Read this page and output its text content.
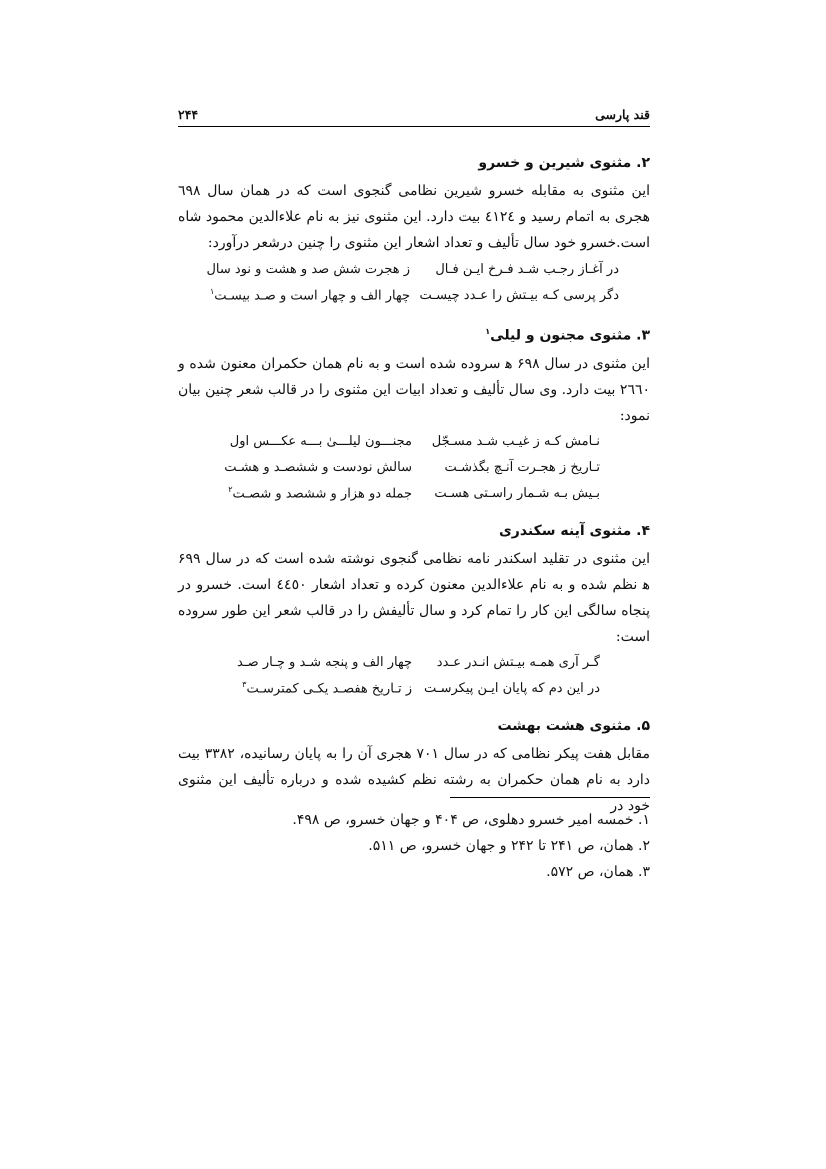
قند پارسی
۲۴۴
۲. مثنوی شیرین و خسرو

این مثنوی به مقابله خسرو شیرین نظامی گنجوی است که در همان سال ٦٩٨ هجری به اتمام رسید و ٤١٢٤ بیت دارد. این مثنوی نیز به نام علاءالدین محمود شاه است.خسرو خود سال تألیف و تعداد اشعار این مثنوی را چنین درشعر درآورد:

در آغـاز رجـب شـد فـرخ ایـن فـال
ز هجرت شش صد و هشت و نود سال
دگر پرسی کـه بیـتش را عـدد چیسـت
چهار الف و چهار است و صـد بیسـت$^۱$
۳. مثنوی مجنون و لیلی$^۱$

این مثنوی در سال ۶۹۸ ﻫ سروده شده است و به نام همان حکمران معنون شده و ٢٦٦٠ بیت دارد. وی سال تألیف و تعداد ابیات این مثنوی را در قالب شعر چنین بیان نمود:

نـامش کـه ز غیـب شـد مسـجّل
مجنـــون لیلـــیٰ بـــه عکـــس اول
تـاریخ ز هجـرت آنـچ بگذشـت
سالش نودست و ششصـد و هشـت
بـیش بـه شـمار راسـتی هسـت
جمله دو هزار و ششصد و شصـت$^۲$
۴. مثنوی آینه سکندری

این مثنوی در تقلید اسکندر نامه نظامی گنجوی نوشته شده است که در سال ۶۹۹ ﻫ نظم شده و به نام علاءالدین معنون کرده و تعداد اشعار ٤٤٥٠ است. خسرو در پنجاه سالگی این کار را تمام کرد و سال تألیفش را در قالب شعر این طور سروده است:

گـر آری همـه بیـتش انـدر عـدد
چهار الف و پنجه شـد و چـار صـد
در این دم که پایان ایـن پیکرسـت
ز تـاریخ هفصـد یکـی کمترسـت$^۳$
۵. مثنوی هشت بهشت

مقابل هفت پیکر نظامی که در سال ۷۰۱ هجری آن را به پایان رسانیده، ۳۳۸۲ بیت دارد به نام همان حکمران به رشته نظم کشیده شده و درباره تألیف این مثنوی خود در

۱. خمسه امیر خسرو دهلوی، ص ۴۰۴ و جهان خسرو، ص ۴۹۸.

۲. همان، ص ۲۴۱ تا ۲۴۲ و جهان خسرو، ص ۵۱۱.

۳. همان، ص ۵۷۲.
